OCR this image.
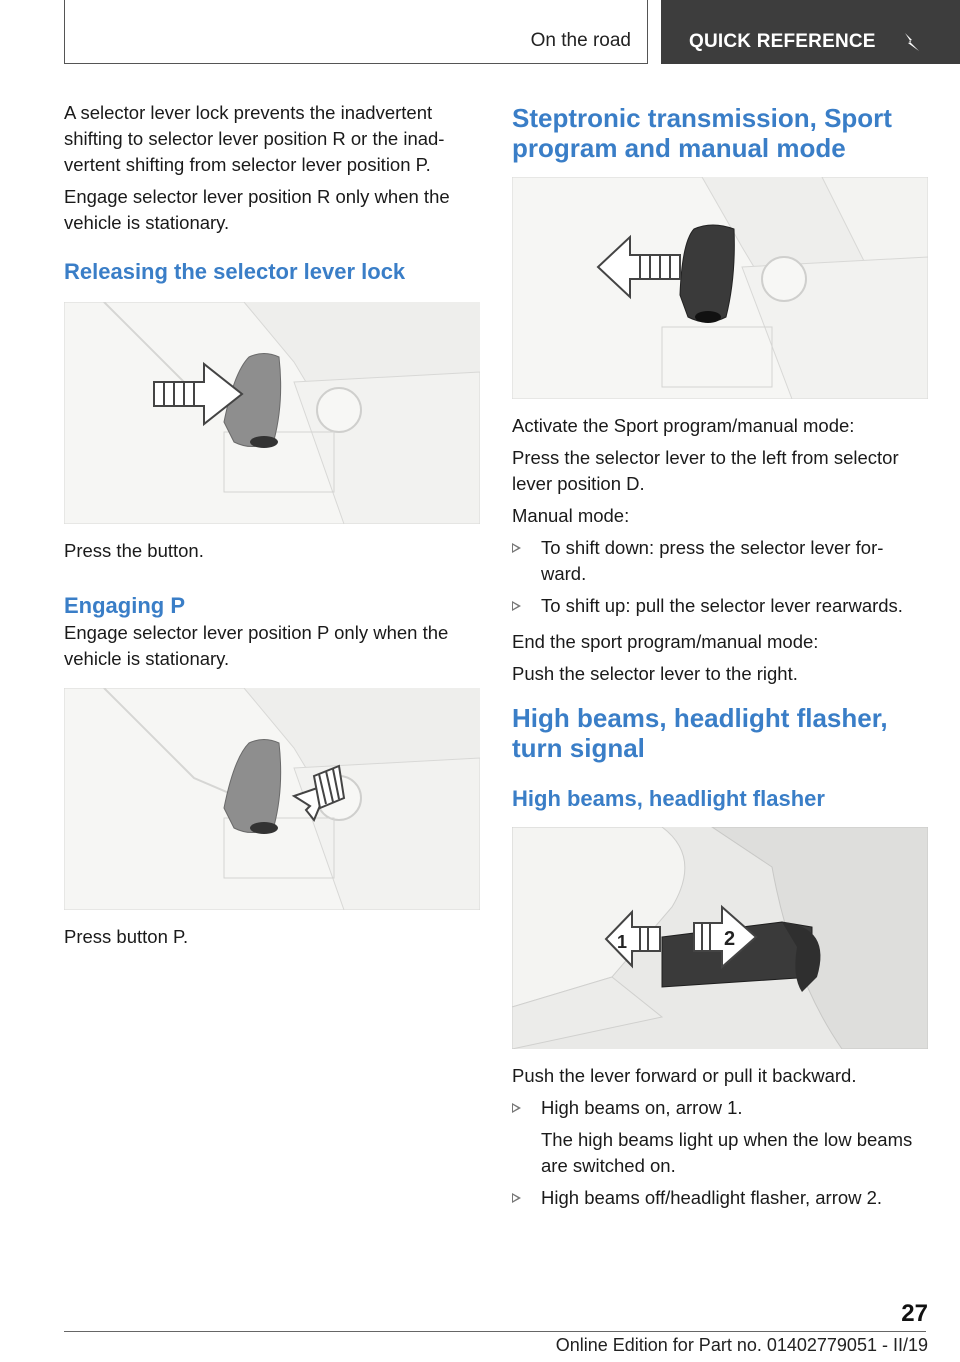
On the road	QUICK REFERENCE

A selector lever lock prevents the inadvertent shifting to selector lever position R or the inad- vertent shifting from selector lever position P.

Engage selector lever position R only when the vehicle is stationary.

Releasing the selector lever lock

Press the button.

Engaging P

Engage selector lever position P only when the vehicle is stationary.

Press button P.

Steptronic transmission, Sport program and manual mode

Activate the Sport program/manual mode:

Press the selector lever to the left from selector lever position D.

Manual mode:

To shift down: press the selector lever for- ward.
To shift up: pull the selector lever rearwards.

End the sport program/manual mode:

Push the selector lever to the right.

High beams, headlight flasher, turn signal
High beams, headlight flasher
1	2

Push the lever forward or pull it backward.

High beams on, arrow 1.
The high beams light up when the low beams are switched on.
High beams off/headlight flasher, arrow 2.
27
Online Edition for Part no. 01402779051 - II/19
